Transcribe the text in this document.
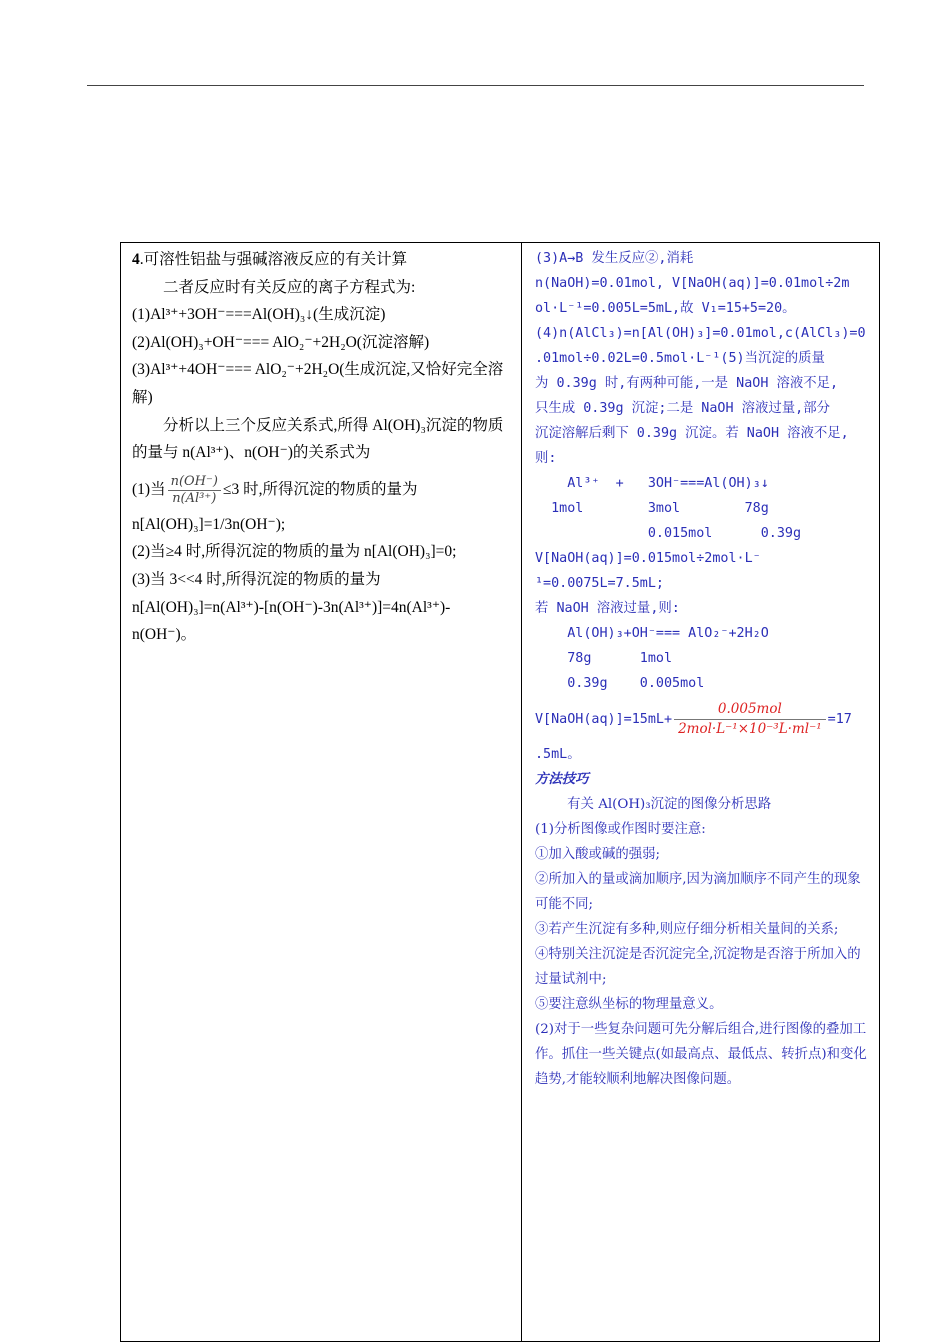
4.可溶性铝盐与强碱溶液反应的有关计算

二者反应时有关反应的离子方程式为:

(1)Al³⁺+3OH⁻===Al(OH)₃↓(生成沉淀)

(2)Al(OH)₃+OH⁻=== AlO₂⁻+2H₂O(沉淀溶解)

(3)Al³⁺+4OH⁻=== AlO₂⁻+2H₂O(生成沉淀,又恰好完全溶解)

分析以上三个反应关系式,所得 Al(OH)₃沉淀的物质的量与 n(Al³⁺)、n(OH⁻)的关系式为

(1)当 $\frac{n(OH^-)}{\text{n(Al³⁺)}} \le 3$ 时,所得沉淀的物质的量为

n[Al(OH)₃]=1/3n(OH⁻);

(2)当≥4 时,所得沉淀的物质的量为 n[Al(OH)₃]=0;

(3)当 3<<4 时,所得沉淀的物质的量为

n[Al(OH)₃]=n(Al³⁺)-[n(OH⁻)-3n(Al³⁺)]=4n(Al³⁺)-

n(OH⁻)。

(3)A→B 发生反应②,消耗

n(NaOH)=0.01mol, V[NaOH(aq)]=0.01mol÷2m

ol·L⁻¹=0.005L=5mL,故 V₁=15+5=20。

(4)n(AlCl₃)=n[Al(OH)₃]=0.01mol,c(AlCl₃)=0

.01mol÷0.02L=0.5mol·L⁻¹(5)当沉淀的质量

为 0.39g 时,有两种可能,一是 NaOH 溶液不足,

只生成 0.39g 沉淀;二是 NaOH 溶液过量,部分

沉淀溶解后剩下 0.39g 沉淀。若 NaOH 溶液不足,

则:

Al³⁺  +   3OH⁻===Al(OH)₃↓

1mol        3mol        78g

0.015mol      0.39g

V[NaOH(aq)]=0.015mol÷2mol·L⁻

¹=0.0075L=7.5mL;

若 NaOH 溶液过量,则:

Al(OH)₃+OH⁻=== AlO₂⁻+2H₂O

78g      1mol

0.39g    0.005mol

V[NaOH(aq)]=15mL+ $\frac{\text{0.005mol}}{\text{2mol·L⁻¹×10⁻³L·ml⁻¹}} =17$

.5mL。

方法技巧

有关 Al(OH)₃沉淀的图像分析思路

(1)分析图像或作图时要注意:

①加入酸或碱的强弱;

②所加入的量或滴加顺序,因为滴加顺序不同产生的现象可能不同;

③若产生沉淀有多种,则应仔细分析相关量间的关系;

④特别关注沉淀是否沉淀完全,沉淀物是否溶于所加入的过量试剂中;

⑤要注意纵坐标的物理量意义。

(2)对于一些复杂问题可先分解后组合,进行图像的叠加工作。抓住一些关键点(如最高点、最低点、转折点)和变化趋势,才能较顺利地解决图像问题。
